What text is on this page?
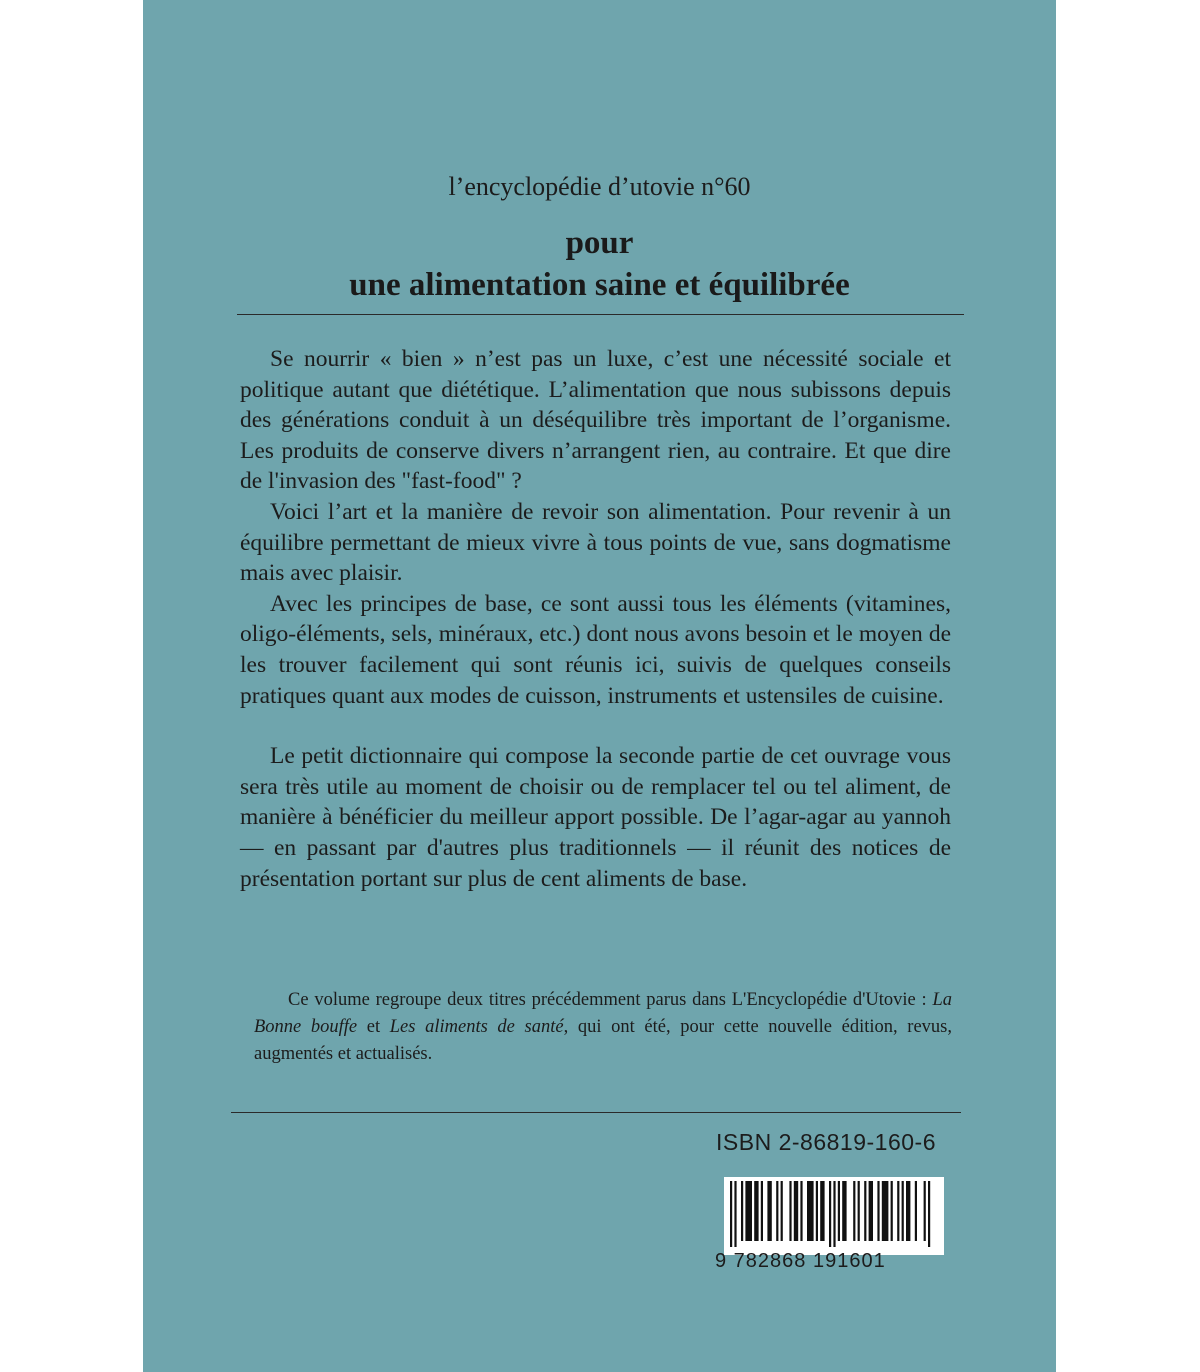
l’encyclopédie d’utovie n°60
pour
une alimentation saine et équilibrée

Se nourrir « bien » n’est pas un luxe, c’est une nécessité sociale et politique autant que diététique. L’alimentation que nous subissons depuis des générations conduit à un déséquilibre très important de l’organisme. Les produits de conserve divers n’arrangent rien, au contraire. Et que dire de l'invasion des "fast-food" ?

Voici l’art et la manière de revoir son alimentation. Pour revenir à un équilibre permettant de mieux vivre à tous points de vue, sans dogmatisme mais avec plaisir.

Avec les principes de base, ce sont aussi tous les éléments (vitamines, oligo-éléments, sels, minéraux, etc.) dont nous avons besoin et le moyen de les trouver facilement qui sont réunis ici, suivis de quelques conseils pratiques quant aux modes de cuisson, instruments et ustensiles de cuisine.

Le petit dictionnaire qui compose la seconde partie de cet ouvrage vous sera très utile au moment de choisir ou de remplacer tel ou tel aliment, de manière à bénéficier du meilleur apport possible. De l’agar-agar au yannoh — en passant par d'autres plus traditionnels — il réunit des notices de présentation portant sur plus de cent aliments de base.

Ce volume regroupe deux titres précédemment parus dans L'Encyclopédie d'Utovie : La Bonne bouffe et Les aliments de santé, qui ont été, pour cette nouvelle édition, revus, augmentés et actualisés.

ISBN 2-86819-160-6
9 782868 191601
